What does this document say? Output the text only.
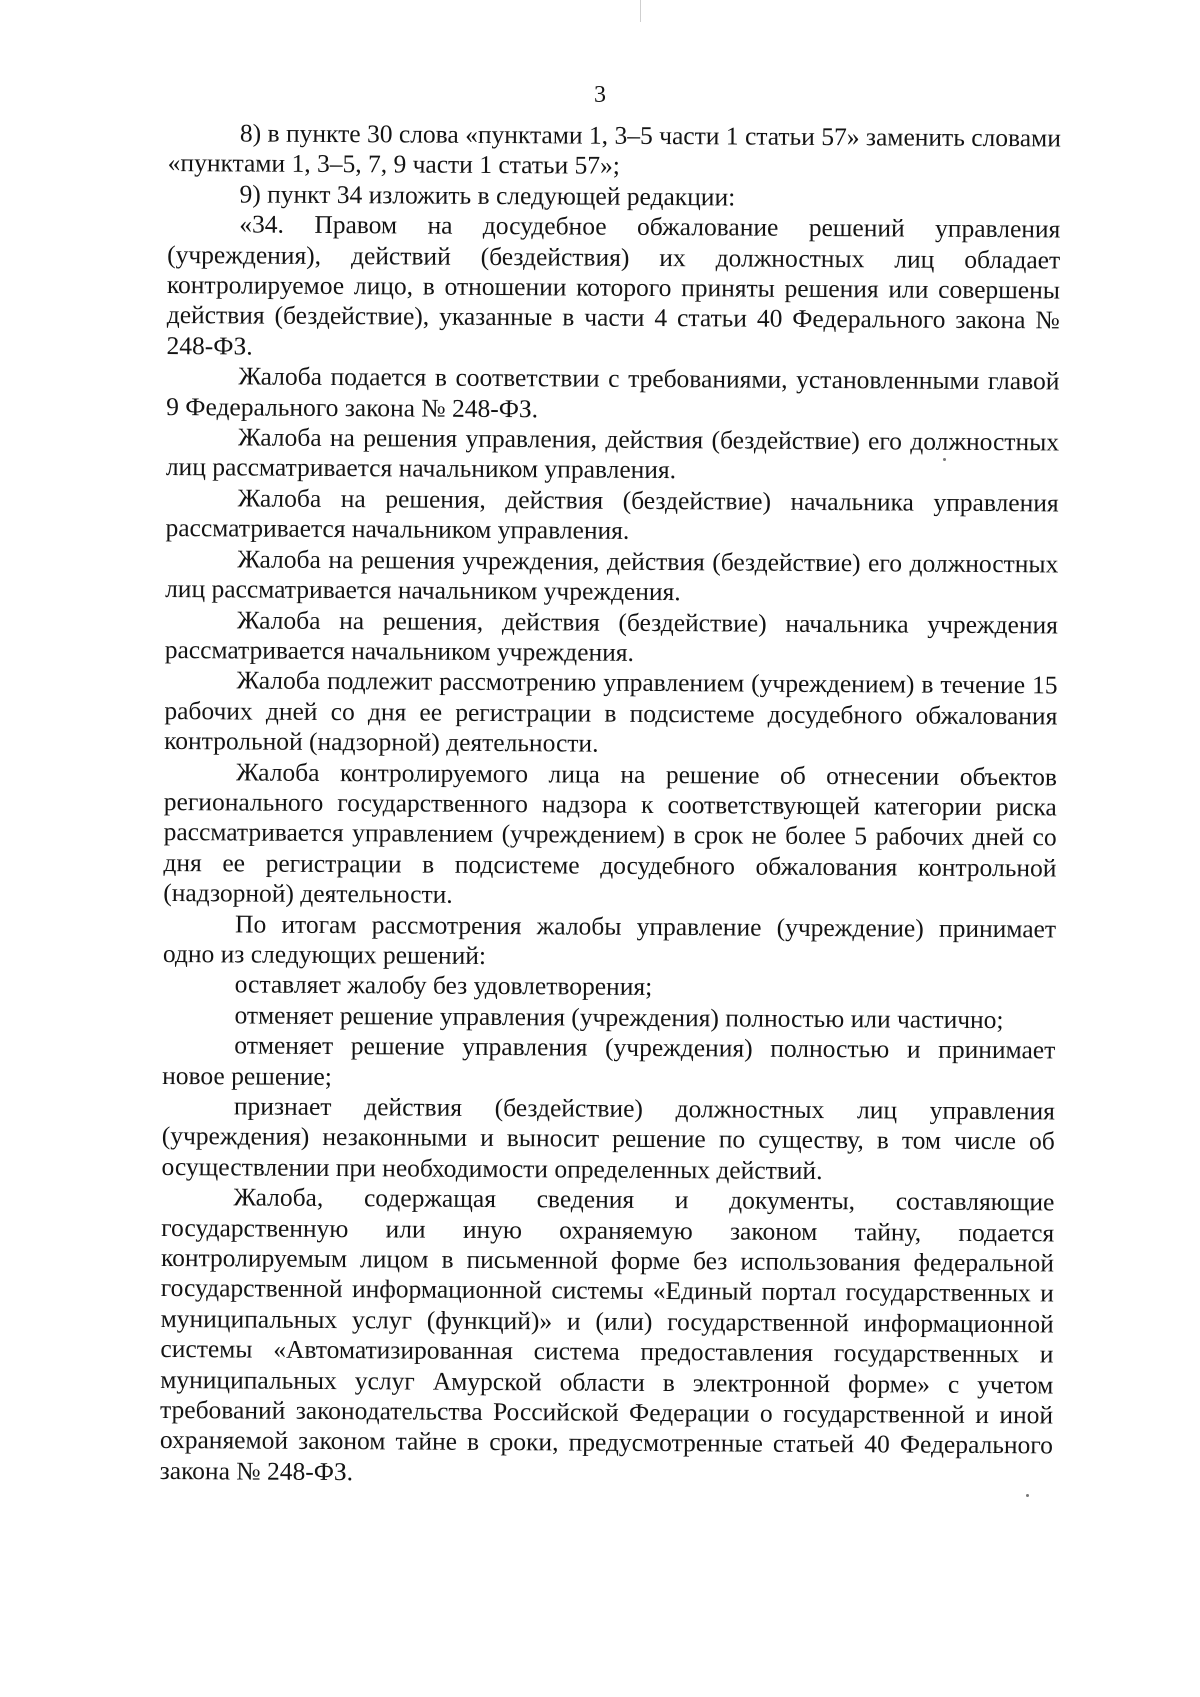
3

8) в пункте 30 слова «пунктами 1, 3–5 части 1 статьи 57» заменить словами «пунктами 1, 3–5, 7, 9 части 1 статьи 57»;

9) пункт 34 изложить в следующей редакции:

«34. Правом на досудебное обжалование решений управления (учреждения), действий (бездействия) их должностных лиц обладает контролируемое лицо, в отношении которого приняты решения или совершены действия (бездействие), указанные в части 4 статьи 40 Федерального закона № 248-ФЗ.

Жалоба подается в соответствии с требованиями, установленными главой 9 Федерального закона № 248-ФЗ.

Жалоба на решения управления, действия (бездействие) его должностных лиц рассматривается начальником управления.

Жалоба на решения, действия (бездействие) начальника управления рассматривается начальником управления.

Жалоба на решения учреждения, действия (бездействие) его должностных лиц рассматривается начальником учреждения.

Жалоба на решения, действия (бездействие) начальника учреждения рассматривается начальником учреждения.

Жалоба подлежит рассмотрению управлением (учреждением) в течение 15 рабочих дней со дня ее регистрации в подсистеме досудебного обжалования контрольной (надзорной) деятельности.

Жалоба контролируемого лица на решение об отнесении объектов регионального государственного надзора к соответствующей категории риска рассматривается управлением (учреждением) в срок не более 5 рабочих дней со дня ее регистрации в подсистеме досудебного обжалования контрольной (надзорной) деятельности.

По итогам рассмотрения жалобы управление (учреждение) принимает одно из следующих решений:

оставляет жалобу без удовлетворения;

отменяет решение управления (учреждения) полностью или частично;

отменяет решение управления (учреждения) полностью и принимает новое решение;

признает действия (бездействие) должностных лиц управления (учреждения) незаконными и выносит решение по существу, в том числе об осуществлении при необходимости определенных действий.

Жалоба, содержащая сведения и документы, составляющие государственную или иную охраняемую законом тайну, подается контролируемым лицом в письменной форме без использования федеральной государственной информационной системы «Единый портал государственных и муниципальных услуг (функций)» и (или) государственной информационной системы «Автоматизированная система предоставления государственных и муниципальных услуг Амурской области в электронной форме» с учетом требований законодательства Российской Федерации о государственной и иной охраняемой законом тайне в сроки, предусмотренные статьей 40 Федерального закона № 248-ФЗ.
